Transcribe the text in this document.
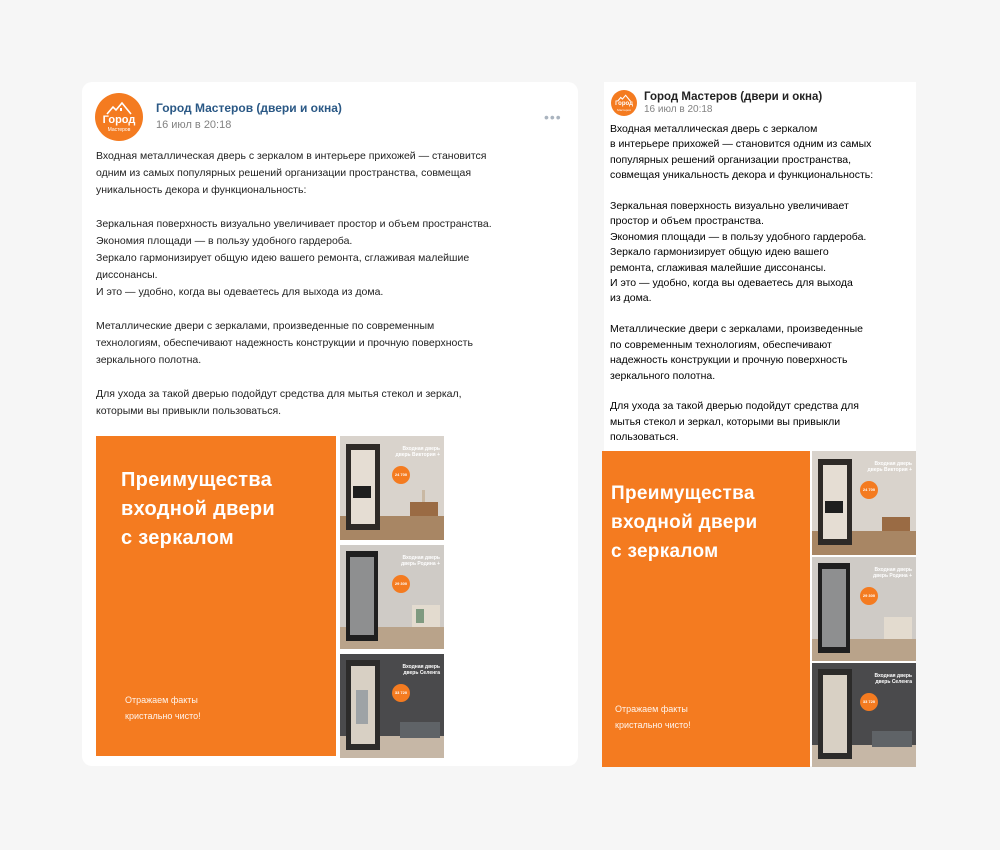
Город
Мастеров
Город Мастеров (двери и окна)
16 июл в 20:18	•••
Входная металлическая дверь с зеркалом в интерьере прихожей — становится
одним из самых популярных решений организации пространства, совмещая
уникальность декора и функциональность:

Зеркальная поверхность визуально увеличивает простор и объем пространства.
Экономия площади — в пользу удобного гардероба.
Зеркало гармонизирует общую идею вашего ремонта, сглаживая малейшие
диссонансы.
И это — удобно, когда вы одеваетесь для выхода из дома.

Металлические двери с зеркалами, произведенные по современным
технологиям, обеспечивают надежность конструкции и прочную поверхность
зеркального полотна.

Для ухода за такой дверью подойдут средства для мытья стекол и зеркал,
которыми вы привыкли пользоваться.
Преимущества
входной двери
с зеркалом
Отражаем факты
кристально чисто!
Входная дверь
дверь Виктория +
24 700
Входная дверь
дверь Родина +
29 300
Входная дверь
дверь Селенга
33 720
Город
Мастеров
Город Мастеров (двери и окна)
16 июл в 20:18
Входная металлическая дверь с зеркалом
в интерьере прихожей — становится одним из самых
популярных решений организации пространства,
совмещая уникальность декора и функциональность:

Зеркальная поверхность визуально увеличивает
простор и объем пространства.
Экономия площади — в пользу удобного гардероба.
Зеркало гармонизирует общую идею вашего
ремонта, сглаживая малейшие диссонансы.
И это — удобно, когда вы одеваетесь для выхода
из дома.

Металлические двери с зеркалами, произведенные
по современным технологиям, обеспечивают
надежность конструкции и прочную поверхность
зеркального полотна.

Для ухода за такой дверью подойдут средства для
мытья стекол и зеркал, которыми вы привыкли
пользоваться.
Преимущества
входной двери
с зеркалом
Отражаем факты
кристально чисто!
Входная дверь
дверь Виктория +
24 700
Входная дверь
дверь Родина +
29 300
Входная дверь
дверь Селенга
33 720
